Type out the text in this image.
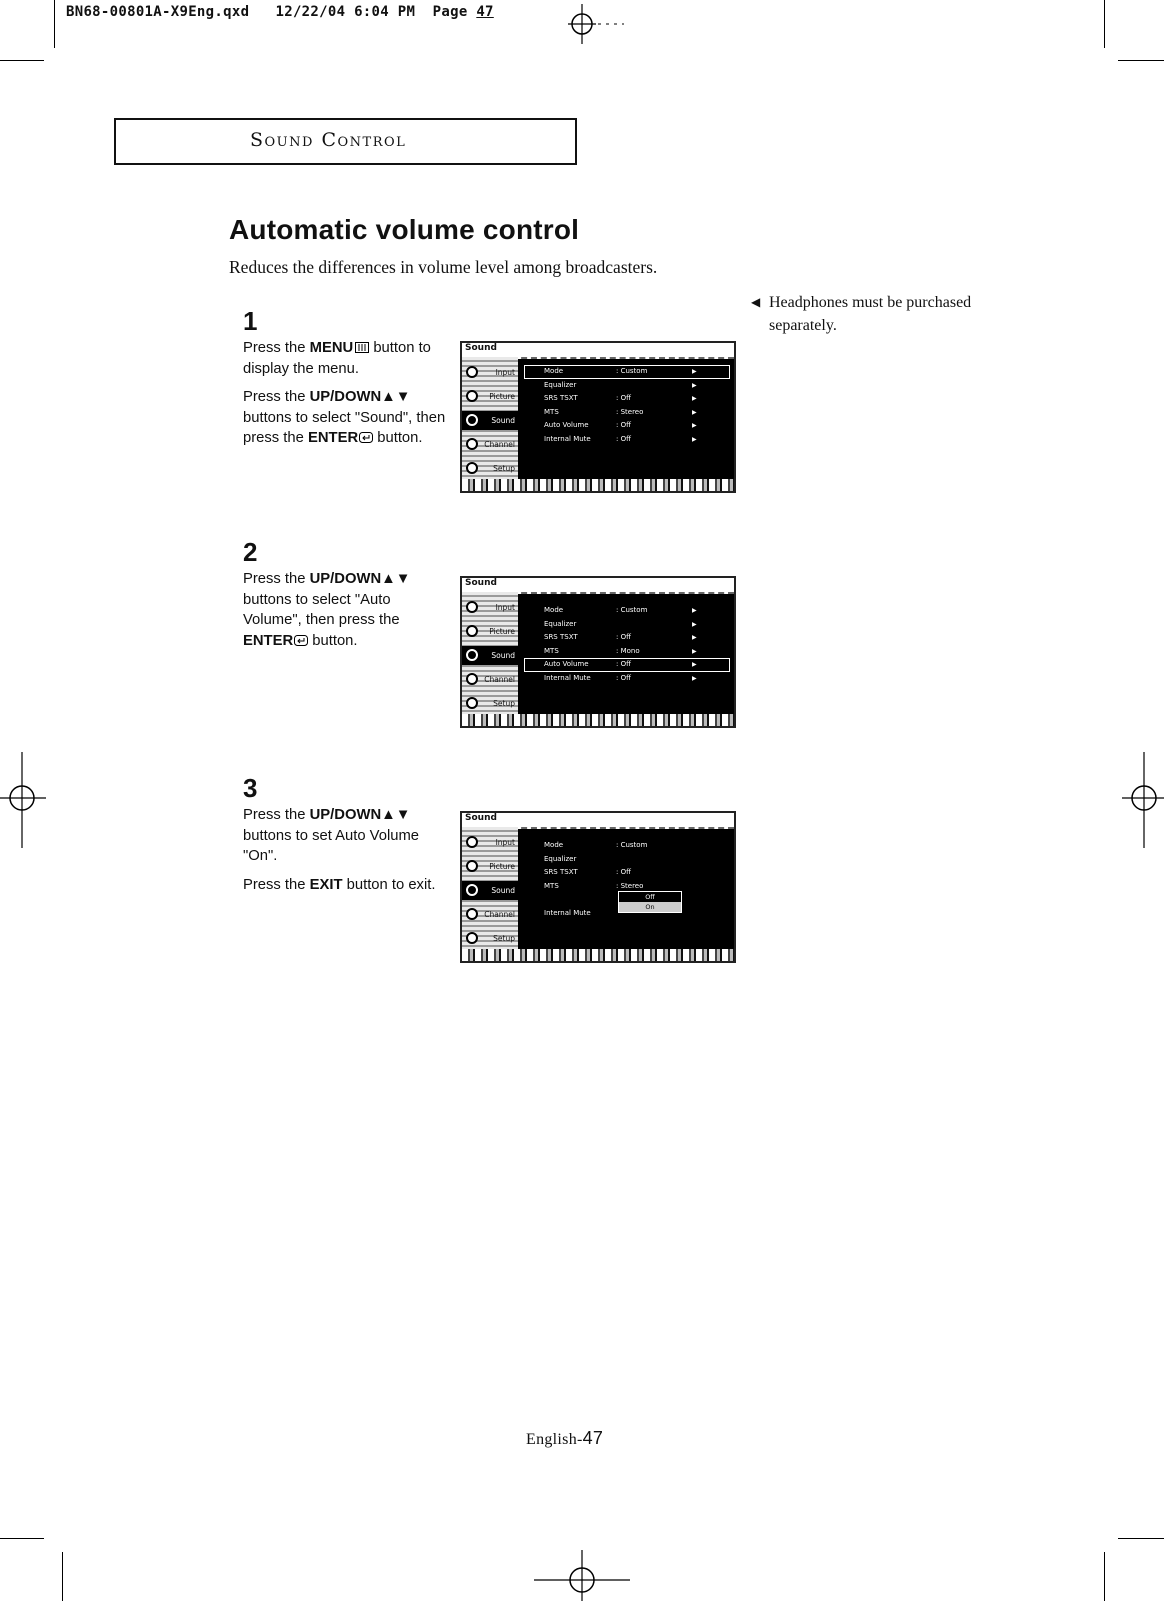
BN68-00801A-X9Eng.qxd 12/22/04 6:04 PM Page 47
Sound Control
Automatic volume control
Reduces the differences in volume level among broadcasters.
1

Press the MENU button to display the menu.

Press the UP/DOWN▲▼ buttons to select "Sound", then press the ENTER button.

Sound
Input
Picture
Sound
Channel
Setup
Mode	: Custom	▶
Equalizer	▶
SRS TSXT	: Off	▶
MTS	: Stereo	▶
Auto Volume	: Off	▶
Internal Mute	: Off	▶
2

Press the UP/DOWN▲▼ buttons to select "Auto Volume", then press the ENTER button.

Sound
Input
Picture
Sound
Channel
Setup
Mode	: Custom	▶
Equalizer	▶
SRS TSXT	: Off	▶
MTS	: Mono	▶
Auto Volume	: Off	▶
Internal Mute	: Off	▶
3

Press the UP/DOWN▲▼ buttons to set Auto Volume "On".

Press the EXIT button to exit.

Sound
Input
Picture
Sound
Channel
Setup
Mode	: Custom
Equalizer
SRS TSXT	: Off
MTS	: Stereo
Internal Mute
Off
On
◀ Headphones must be purchased separately.
English-47
